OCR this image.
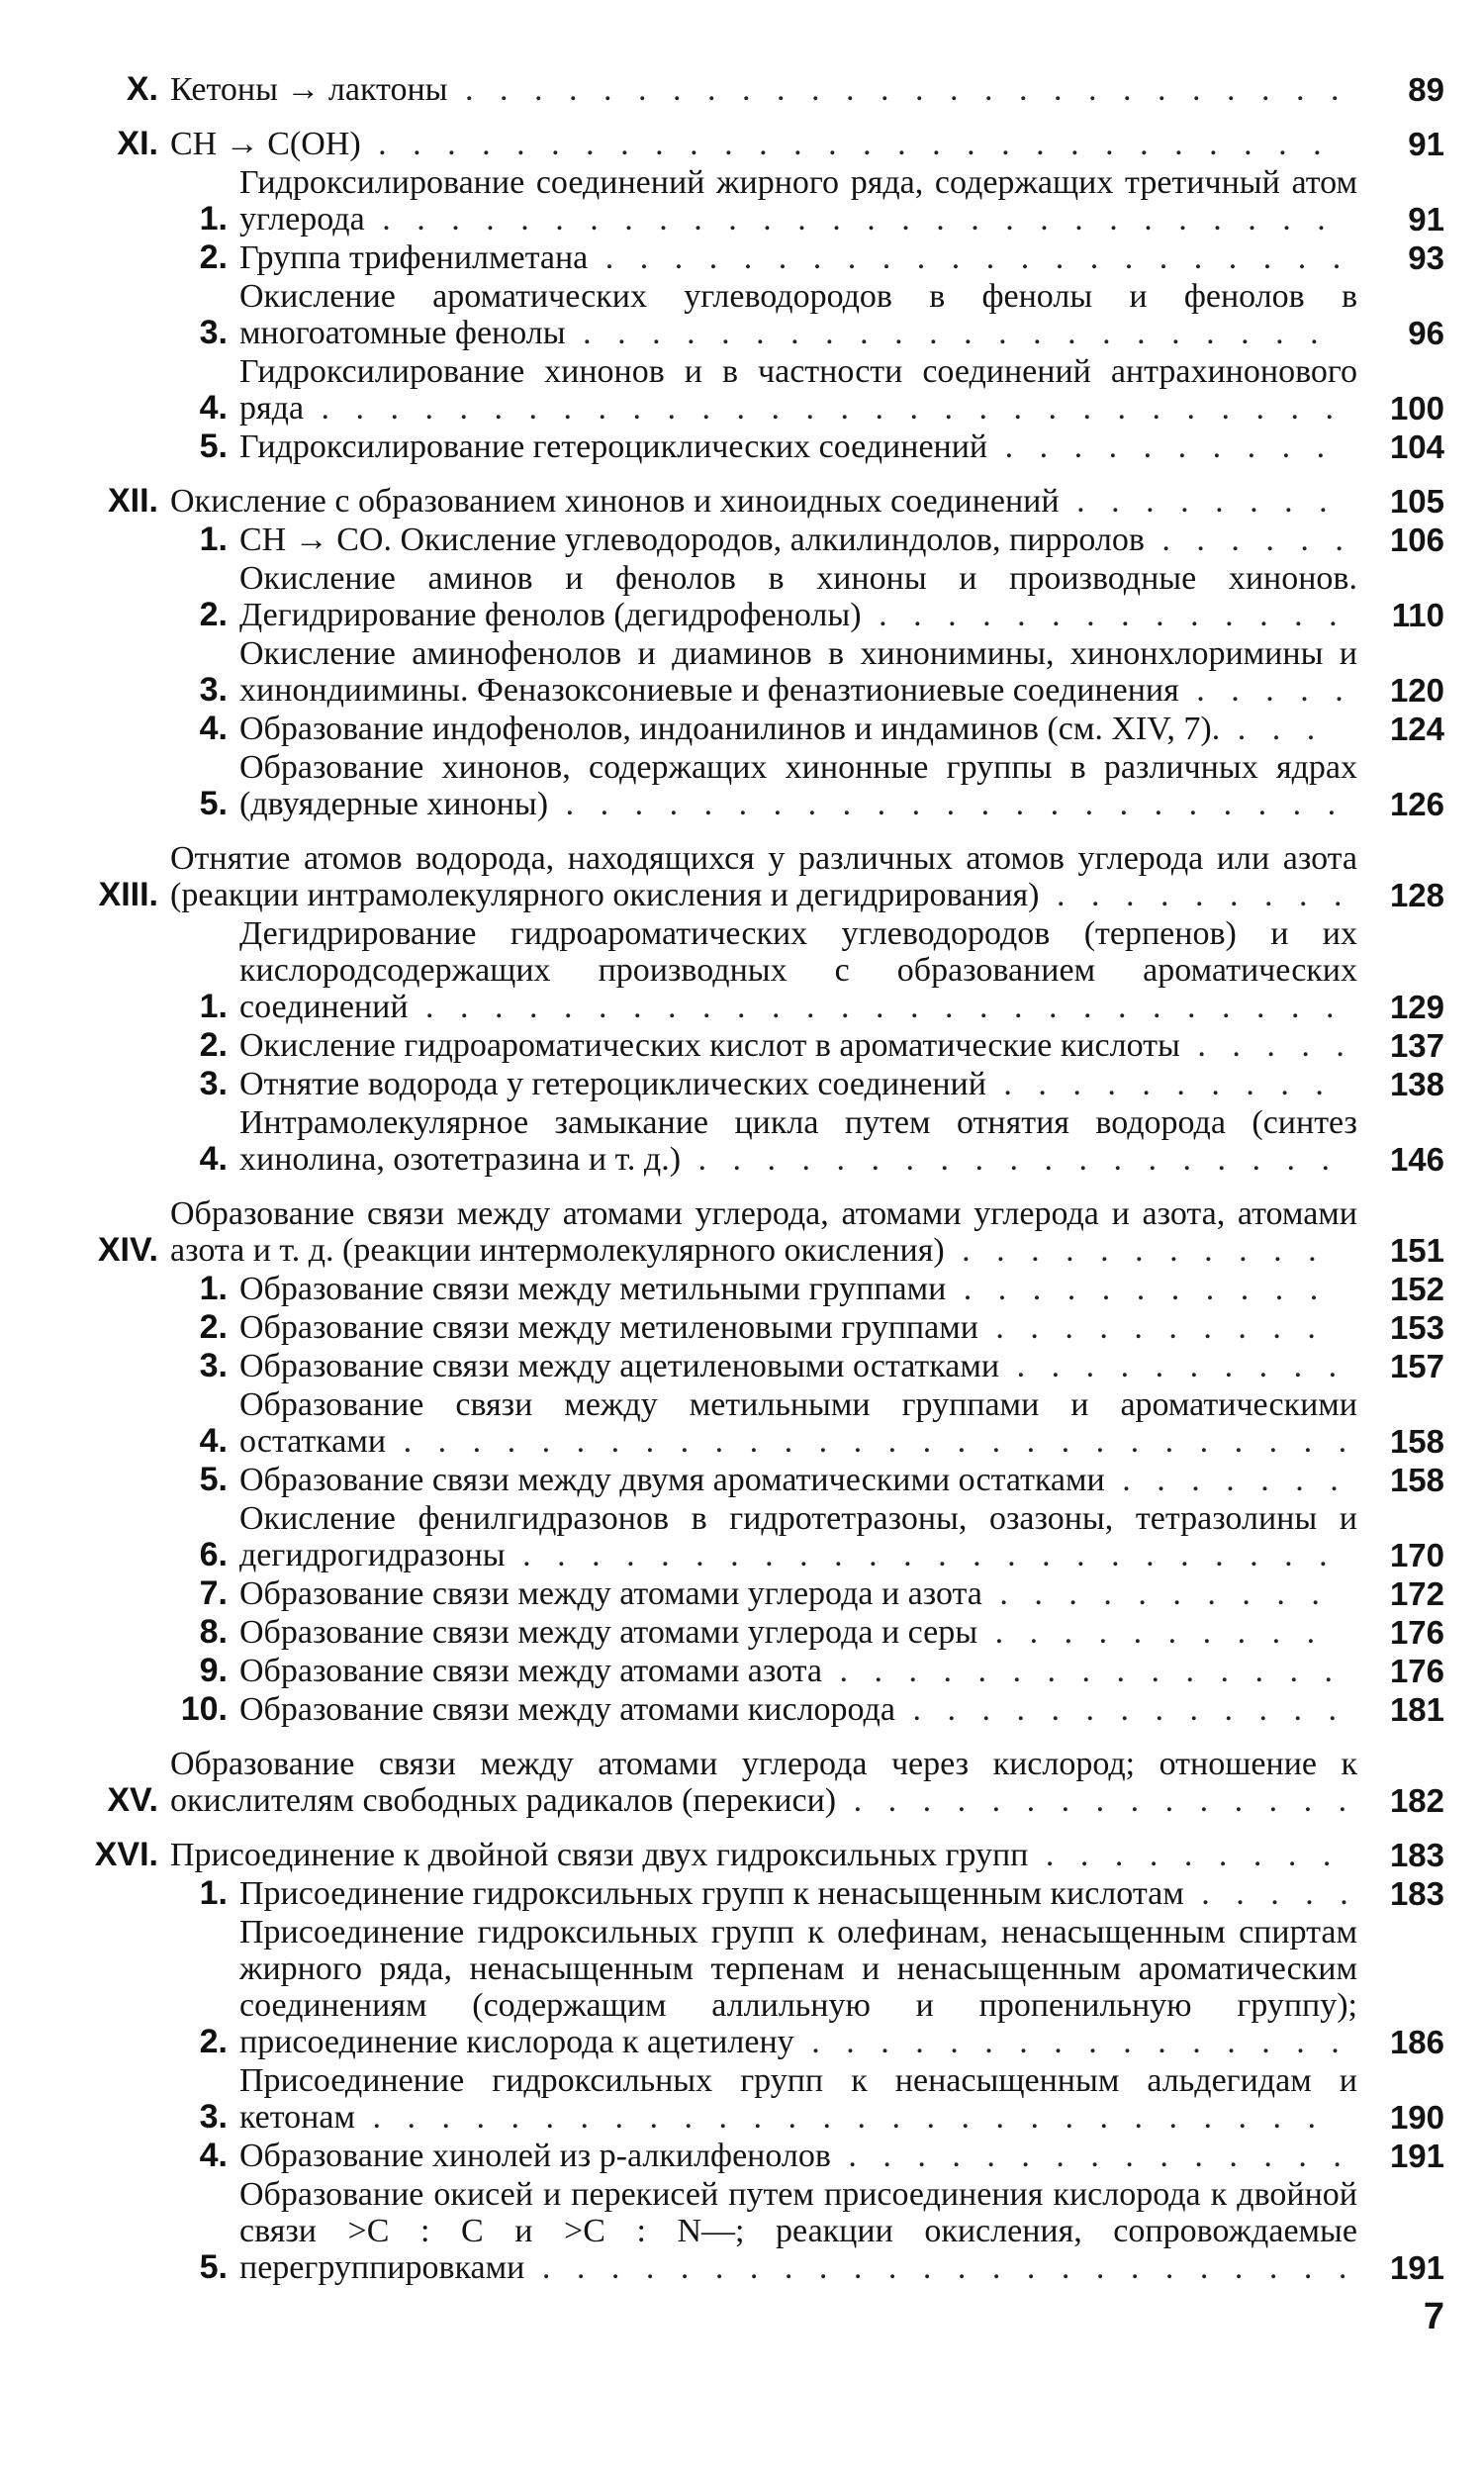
X. Кетоны → лактоны . . . . . . . . . . . . . . . . . . . . . . . . . .	89
XI. CH → C(OH) . . . . . . . . . . . . . . . . . . . . . . . . . . . .	91
1.
Гидроксилирование соединений жирного ряда, содержащих третичный атом углерода . . . . . . . . . . . . . . . . . . . . . . . . . . . .	91
2. Группа трифенилметана . . . . . . . . . . . . . . . . . . . . . .	93
3.
Окисление ароматических углеводородов в фенолы и фенолов в многоатомные фенолы . . . . . . . . . . . . . . . . . . . . . .	96
4.
Гидроксилирование хинонов и в частности соединений антрахинонового ряда . . . . . . . . . . . . . . . . . . . . . . . . . . . . . .	100
5. Гидроксилирование гетероциклических соединений . . . . . . . . . .	104
XII. Окисление с образованием хинонов и хиноидных соединений . . . . . . . .	105
1. CH → CO. Окисление углеводородов, алкилиндолов, пирролов . . . . . .	106
2.
Окисление аминов и фенолов в хиноны и производные хинонов. Дегидрирование фенолов (дегидрофенолы) . . . . . . . . . . . . . .	110
3.
Окисление аминофенолов и диаминов в хинонимины, хинонхлоримины и хинондиимины. Феназоксониевые и феназтиониевые соединения . . . . .	120
4. Образование индофенолов, индоанилинов и индаминов (см. XIV, 7). . . .	124
5.
Образование хинонов, содержащих хинонные группы в различных ядрах (двуядерные хиноны) . . . . . . . . . . . . . . . . . . . . . . .	126
XIII.
Отнятие атомов водорода, находящихся у различных атомов углерода или азота (реакции интрамолекулярного окисления и дегидрирования) . . . . . . . . .	128
1.
Дегидрирование гидроароматических углеводородов (терпенов) и их кислородсодержащих производных с образованием ароматических соединений . . . . . . . . . . . . . . . . . . . . . . . . . . .	129
2. Окисление гидроароматических кислот в ароматические кислоты . . . . .	137
3. Отнятие водорода у гетероциклических соединений . . . . . . . . . .	138
4.
Интрамолекулярное замыкание цикла путем отнятия водорода (синтез хинолина, озотетразина и т. д.) . . . . . . . . . . . . . . . . . . .	146
XIV.
Образование связи между атомами углерода, атомами углерода и азота, атомами азота и т. д. (реакции интермолекулярного окисления) . . . . . . . . . . .	151
1. Образование связи между метильными группами . . . . . . . . . . .	152
2. Образование связи между метиленовыми группами . . . . . . . . . .	153
3. Образование связи между ацетиленовыми остатками . . . . . . . . . .	157
4.
Образование связи между метильными группами и ароматическими остатками . . . . . . . . . . . . . . . . . . . . . . . . . . . .	158
5. Образование связи между двумя ароматическими остатками . . . . . . .	158
6.
Окисление фенилгидразонов в гидротетразоны, озазоны, тетразолины и дегидрогидразоны . . . . . . . . . . . . . . . . . . . . . . . .	170
7. Образование связи между атомами углерода и азота . . . . . . . . . .	172
8. Образование связи между атомами углерода и серы . . . . . . . . . .	176
9. Образование связи между атомами азота . . . . . . . . . . . . . . .	176
10. Образование связи между атомами кислорода . . . . . . . . . . . . .	181
XV.
Образование связи между атомами углерода через кислород; отношение к окислителям свободных радикалов (перекиси) . . . . . . . . . . . . . . .	182
XVI. Присоединение к двойной связи двух гидроксильных групп . . . . . . . . .	183
1. Присоединение гидроксильных групп к ненасыщенным кислотам . . . . .	183
2.
Присоединение гидроксильных групп к олефинам, ненасыщенным спиртам жирного ряда, ненасыщенным терпенам и ненасыщенным ароматическим соединениям (содержащим аллильную и пропенильную группу); присоединение кислорода к ацетилену . . . . . . . . . . . . . . . .	186
3.
Присоединение гидроксильных групп к ненасыщенным альдегидам и кетонам . . . . . . . . . . . . . . . . . . . . . . . . . . . .	190
4. Образование хинолей из p-алкилфенолов . . . . . . . . . . . . . . .	191
5.
Образование окисей и перекисей путем присоединения кислорода к двойной связи >C : C и >C : N—; реакции окисления, сопровождаемые перегруппировками . . . . . . . . . . . . . . . . . . . . . . . .	191
7
